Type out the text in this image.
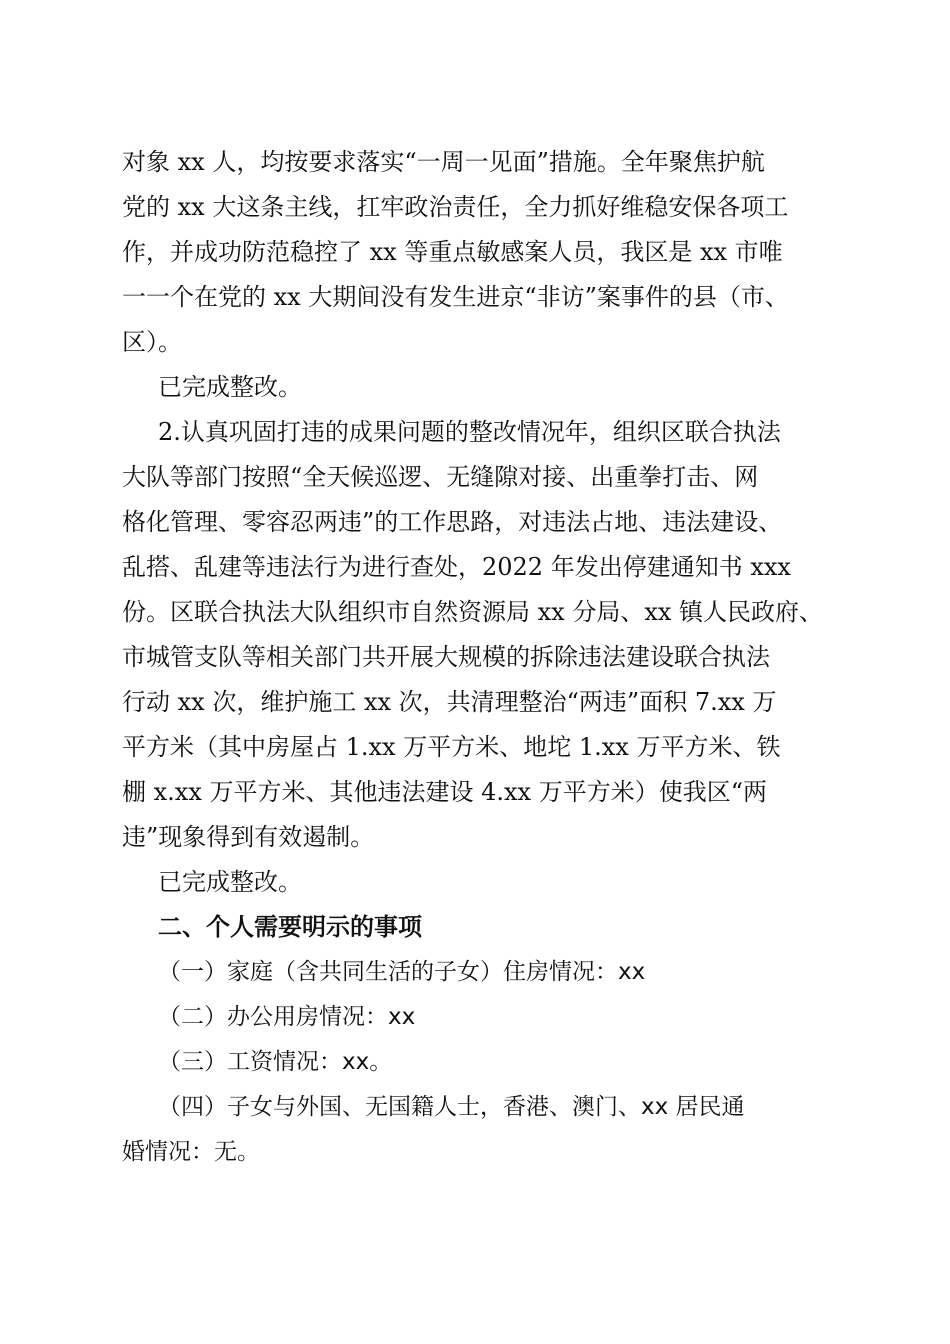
对象 xx 人，均按要求落实“一周一见面”措施。全年聚焦护航

党的 xx 大这条主线，扛牢政治责任，全力抓好维稳安保各项工

作，并成功防范稳控了 xx 等重点敏感案人员，我区是 xx 市唯

一一个在党的 xx 大期间没有发生进京“非访”案事件的县（市、

区）。

已完成整改。

2.认真巩固打违的成果问题的整改情况年，组织区联合执法

大队等部门按照“全天候巡逻、无缝隙对接、出重拳打击、网

格化管理、零容忍两违”的工作思路，对违法占地、违法建设、

乱搭、乱建等违法行为进行查处，2022 年发出停建通知书 xxx

份。区联合执法大队组织市自然资源局 xx 分局、xx 镇人民政府、

市城管支队等相关部门共开展大规模的拆除违法建设联合执法

行动 xx 次，维护施工 xx 次，共清理整治“两违”面积 7.xx 万

平方米（其中房屋占 1.xx 万平方米、地坨 1.xx 万平方米、铁

棚 x.xx 万平方米、其他违法建设 4.xx 万平方米）使我区“两

违”现象得到有效遏制。

已完成整改。

二、个人需要明示的事项

（一）家庭（含共同生活的子女）住房情况：xx

（二）办公用房情况：xx

（三）工资情况：xx。

（四）子女与外国、无国籍人士，香港、澳门、xx 居民通

婚情况：无。
